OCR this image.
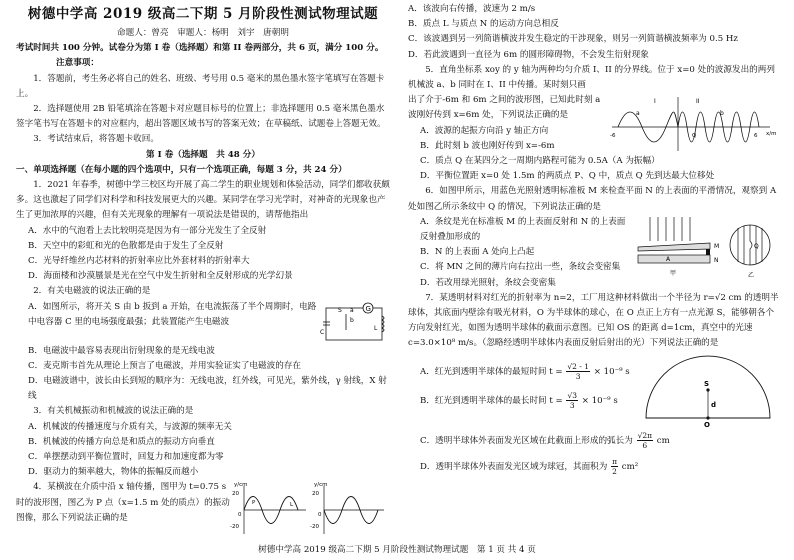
树德中学高 2019 级高二下期 5 月阶段性测试物理试题
命题人：曾亮　审题人：杨明　刘宇　唐朝明
考试时间共 100 分钟。试卷分为第 I 卷（选择题）和第 II 卷两部分，共 6 页，满分 100 分。
注意事项：
1．答题前，考生务必将自己的姓名、班级、考号用 0.5 毫米的黑色墨水签字笔填写在答题卡上。
2．选择题使用 2B 铅笔填涂在答题卡对应题目标号的位置上；非选择题用 0.5 毫米黑色墨水签字笔书写在答题卡的对应框内，超出答题区域书写的答案无效；在草稿纸、试题卷上答题无效。
3．考试结束后，将答题卡收回。
第 I 卷（选择题　共 48 分）
一、单项选择题（在每小题的四个选项中，只有一个选项正确，每题 3 分，共 24 分）
1．2021 年春季，树德中学三校区均开展了高二学生的职业规划和体验活动，同学们都收获颇多。这也激起了同学们对科学和科技发展更大的兴趣。某同学在学习光学时，对神奇的光现象也产生了更加浓厚的兴趣，但有关光现象的理解有一项说法是错误的，请帮他指出
A．水中的气泡看上去比较明亮是因为有一部分光发生了全反射
B．天空中的彩虹和光的色散都是由于发生了全反射
C．光导纤维丝内芯材料的折射率应比外套材料的折射率大
D．海面楼和沙漠蜃景是光在空气中发生折射和全反射形成的光学幻景
2．有关电磁波的说法正确的是
A．如图所示，将开关 S 由 b 扳到 a 开始，在电流振荡了半个周期时，电路中电容器 C 里的电场强度最强；此装置能产生电磁波
G
S a
b
C
L
B．电磁波中最容易表现出衍射现象的是无线电波
C．麦克斯韦首先从理论上预言了电磁波，并用实验证实了电磁波的存在
D．电磁波谱中，波长由长到短的顺序为：无线电波，红外线，可见光，紫外线，γ 射线，X 射线
3．有关机械振动和机械波的说法正确的是
A．机械波的传播速度与介质有关，与波源的频率无关
B．机械波的传播方向总是和质点的振动方向垂直
C．单摆摆动到平衡位置时，回复力和加速度都为零
D．驱动力的频率越大，物体的振幅反而越小
4．某横波在介质中沿 x 轴传播，图甲为 t=0.75 s 时的波形图，图乙为 P 点（x=1.5 m 处的质点）的振动图像，那么下列说法正确的是
y/cm
20
-20
0
P	L
y/cm
20
-20
0
A．该波向右传播，波速为 2 m/s
B．质点 L 与质点 N 的运动方向总相反
C．该波遇到另一列简谐横波并发生稳定的干涉现象，则另一列简谐横波频率为 0.5 Hz
D．若此波遇到一直径为 6m 的圆形障碍物，不会发生衍射现象
5．直角坐标系 xoy 的 y 轴为两种均匀介质 I、II 的分界线。位于 x=0 处的波源发出的两列机械波 a、b 同时在 I、II 中传播。某时刻只画
出了介于-6m 和 6m 之间的波形图，已知此时刻 a 波刚好传到 x=6m 处，下列说法正确的是
A．波源的起振方向沿 y 轴正方向
B．此时刻 b 波也刚好传到 x=-6m
I	II
a	b
-6	6 x/m
Q
C．质点 Q 在某四分之一周期内路程可能为 0.5A（A 为振幅）
D．平衡位置距 x=0 处 1.5m 的两质点 P、Q 中，质点 Q 先到达最大位移处
6．如图甲所示，用蓝色光照射透明标准板 M 来检查平面 N 的上表面的平滑情况，观察到 A 处如图乙所示条纹中 Q 的情况，下列说法正确的是
A．条纹是光在标准板 M 的上表面反射和 N 的上表面反射叠加形成的
B．N 的上表面 A 处向上凸起
C．将 MN 之间的薄片向右拉出一些，条纹会变密集
D．若改用绿光照射，条纹会变密集
M
N
A
甲
Q
乙
7．某透明材料对红光的折射率为 n=2，工厂用这种材料做出一个半径为 r=√2 cm 的透明半球体，其底面内壁涂有吸光材料，O 为半球体的球心，在 O 点正上方有一点光源 S，能够朝各个方向发射红光，如图为透明半球体的截面示意图。已知 OS 的距离 d=1cm，真空中的光速 c=3.0×10⁸ m/s。（忽略经透明半球体内表面反射后射出的光）下列说法正确的是
A．红光到透明半球体的最短时间 $t = \frac{√2 - 1}{3} \times 10^{-9}$ s
B．红光到透明半球体的最长时间 $t = \frac{√3}{3} \times 10^{-9}$ s
S
d
O
C．透明半球体外表面发光区域在此截面上形成的弧长为 $\frac{√2\pi}{6}$ cm
D．透明半球体外表面发光区域为球冠，其面积为 $\frac{\pi}{2} cm^2$
树德中学高 2019 级高二下期 5 月阶段性测试物理试题　第 1 页 共 4 页
